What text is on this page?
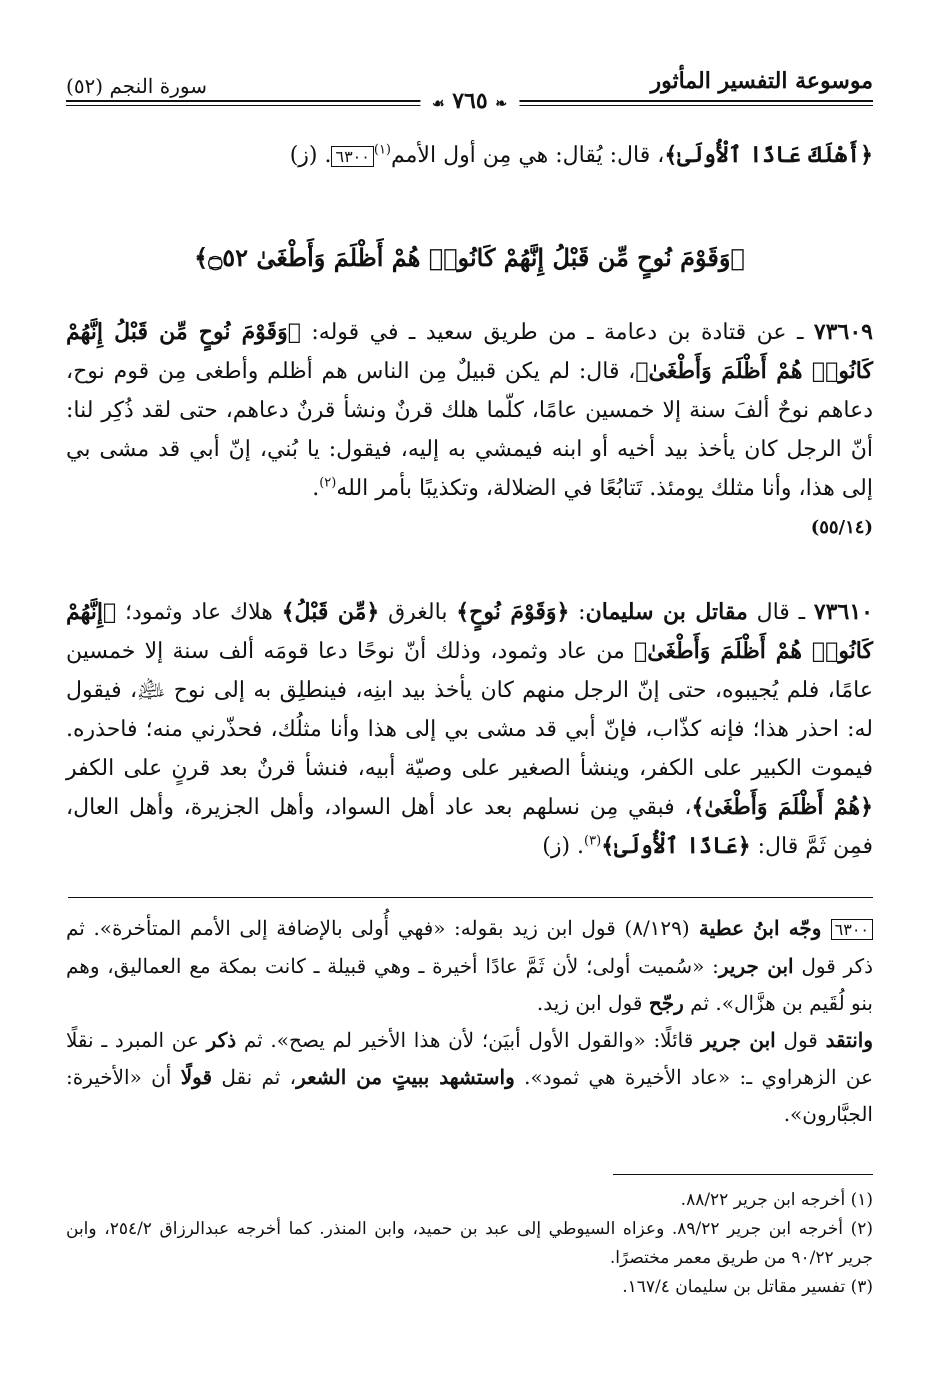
سورة النجم (٥٢)	موسوعة التفسير المأثور
❧ ٧٦٥ ☙
﴿أَهْلَكَ عَادًا ٱلْأُولَىٰ﴾، قال: يُقال: هي مِن أول الأمم$^{(١)}$٦٣٠٠. (ز)
﴿وَقَوْمَ نُوحٍ مِّن قَبْلُ إِنَّهُمْ كَانُوا۟ هُمْ أَظْلَمَ وَأَطْغَىٰ ۝٥٢﴾
٧٣٦٠٩ ـ عن قتادة بن دعامة ـ من طريق سعيد ـ في قوله: ﴿وَقَوْمَ نُوحٍ مِّن قَبْلُ إِنَّهُمْ كَانُوا۟ هُمْ أَظْلَمَ وَأَطْغَىٰ﴾، قال: لم يكن قبيلٌ مِن الناس هم أظلم وأطغى مِن قوم نوح، دعاهم نوحٌ ألفَ سنة إلا خمسين عامًا، كلّما هلك قرنٌ ونشأ قرنٌ دعاهم، حتى لقد ذُكِر لنا: أنّ الرجل كان يأخذ بيد أخيه أو ابنه فيمشي به إليه، فيقول: يا بُني، إنّ أبي قد مشى بي إلى هذا، وأنا مثلك يومئذ. تَتابُعًا في الضلالة، وتكذيبًا بأمر الله$^{(٢)}$.
(٥٥/١٤)
٧٣٦١٠ ـ قال مقاتل بن سليمان: ﴿وَقَوْمَ نُوحٍ﴾ بالغرق ﴿مِّن قَبْلُ﴾ هلاك عاد وثمود؛ ﴿إِنَّهُمْ كَانُوا۟ هُمْ أَظْلَمَ وَأَطْغَىٰ﴾ من عاد وثمود، وذلك أنّ نوحًا دعا قومَه ألف سنة إلا خمسين عامًا، فلم يُجيبوه، حتى إنّ الرجل منهم كان يأخذ بيد ابنِه، فينطلِق به إلى نوح ﵇، فيقول له: احذر هذا؛ فإنه كذّاب، فإنّ أبي قد مشى بي إلى هذا وأنا مثلُك، فحذّرني منه؛ فاحذره. فيموت الكبير على الكفر، وينشأ الصغير على وصيّة أبيه، فنشأ قرنٌ بعد قرنٍ على الكفر ﴿هُمْ أَظْلَمَ وَأَطْغَىٰ﴾، فبقي مِن نسلهم بعد عاد أهل السواد، وأهل الجزيرة، وأهل العال، فمِن ثَمَّ قال: ﴿عَادًا ٱلْأُولَىٰ﴾$^{(٣)}$. (ز)
٦٣٠٠ وجّه ابنُ عطية (٨/١٢٩) قول ابن زيد بقوله: «فهي أُولى بالإضافة إلى الأمم المتأخرة». ثم ذكر قول ابن جرير: «سُميت أولى؛ لأن ثَمَّ عادًا أخيرة ـ وهي قبيلة ـ كانت بمكة مع العماليق، وهم بنو لُقَيم بن هزَّال». ثم رجّح قول ابن زيد.
وانتقد قول ابن جرير قائلًا: «والقول الأول أبيَن؛ لأن هذا الأخير لم يصح». ثم ذكر عن المبرد ـ نقلًا عن الزهراوي ـ: «عاد الأخيرة هي ثمود». واستشهد ببيتٍ من الشعر، ثم نقل قولًا أن «الأخيرة: الجبَّارون».
(١) أخرجه ابن جرير ٨٨/٢٢.
(٢) أخرجه ابن جرير ٨٩/٢٢. وعزاه السيوطي إلى عبد بن حميد، وابن المنذر. كما أخرجه عبدالرزاق ٢٥٤/٢، وابن جرير ٩٠/٢٢ من طريق معمر مختصرًا.
(٣) تفسير مقاتل بن سليمان ١٦٧/٤.
